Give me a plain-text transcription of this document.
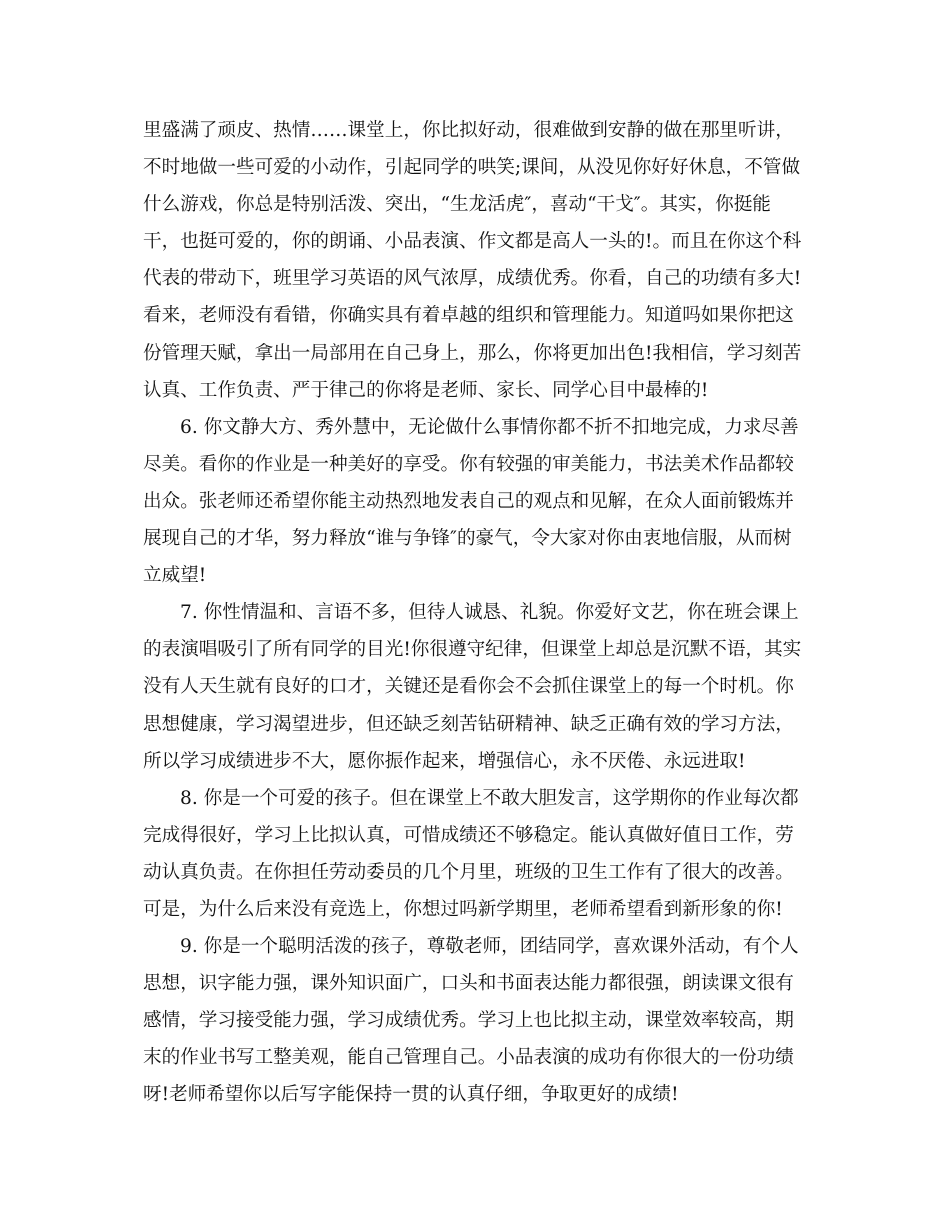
里盛满了顽皮、热情……课堂上，你比拟好动，很难做到安静的做在那里听讲，
不时地做一些可爱的小动作，引起同学的哄笑;课间，从没见你好好休息，不管做
什么游戏，你总是特别活泼、突出，“生龙活虎″，喜动“干戈″。其实，你挺能
干，也挺可爱的，你的朗诵、小品表演、作文都是高人一头的!。而且在你这个科
代表的带动下，班里学习英语的风气浓厚，成绩优秀。你看，自己的功绩有多大!
看来，老师没有看错，你确实具有着卓越的组织和管理能力。知道吗如果你把这
份管理天赋，拿出一局部用在自己身上，那么，你将更加出色!我相信，学习刻苦
认真、工作负责、严于律己的你将是老师、家长、同学心目中最棒的!
6. 你文静大方、秀外慧中，无论做什么事情你都不折不扣地完成，力求尽善
尽美。看你的作业是一种美好的享受。你有较强的审美能力，书法美术作品都较
出众。张老师还希望你能主动热烈地发表自己的观点和见解，在众人面前锻炼并
展现自己的才华，努力释放“谁与争锋″的豪气，令大家对你由衷地信服，从而树
立威望!
7. 你性情温和、言语不多，但待人诚恳、礼貌。你爱好文艺，你在班会课上
的表演唱吸引了所有同学的目光!你很遵守纪律，但课堂上却总是沉默不语，其实
没有人天生就有良好的口才，关键还是看你会不会抓住课堂上的每一个时机。你
思想健康，学习渴望进步，但还缺乏刻苦钻研精神、缺乏正确有效的学习方法，
所以学习成绩进步不大，愿你振作起来，增强信心，永不厌倦、永远进取!
8. 你是一个可爱的孩子。但在课堂上不敢大胆发言，这学期你的作业每次都
完成得很好，学习上比拟认真，可惜成绩还不够稳定。能认真做好值日工作，劳
动认真负责。在你担任劳动委员的几个月里，班级的卫生工作有了很大的改善。
可是，为什么后来没有竞选上，你想过吗新学期里，老师希望看到新形象的你!
9. 你是一个聪明活泼的孩子，尊敬老师，团结同学，喜欢课外活动，有个人
思想，识字能力强，课外知识面广，口头和书面表达能力都很强，朗读课文很有
感情，学习接受能力强，学习成绩优秀。学习上也比拟主动，课堂效率较高，期
末的作业书写工整美观，能自己管理自己。小品表演的成功有你很大的一份功绩
呀!老师希望你以后写字能保持一贯的认真仔细，争取更好的成绩!
